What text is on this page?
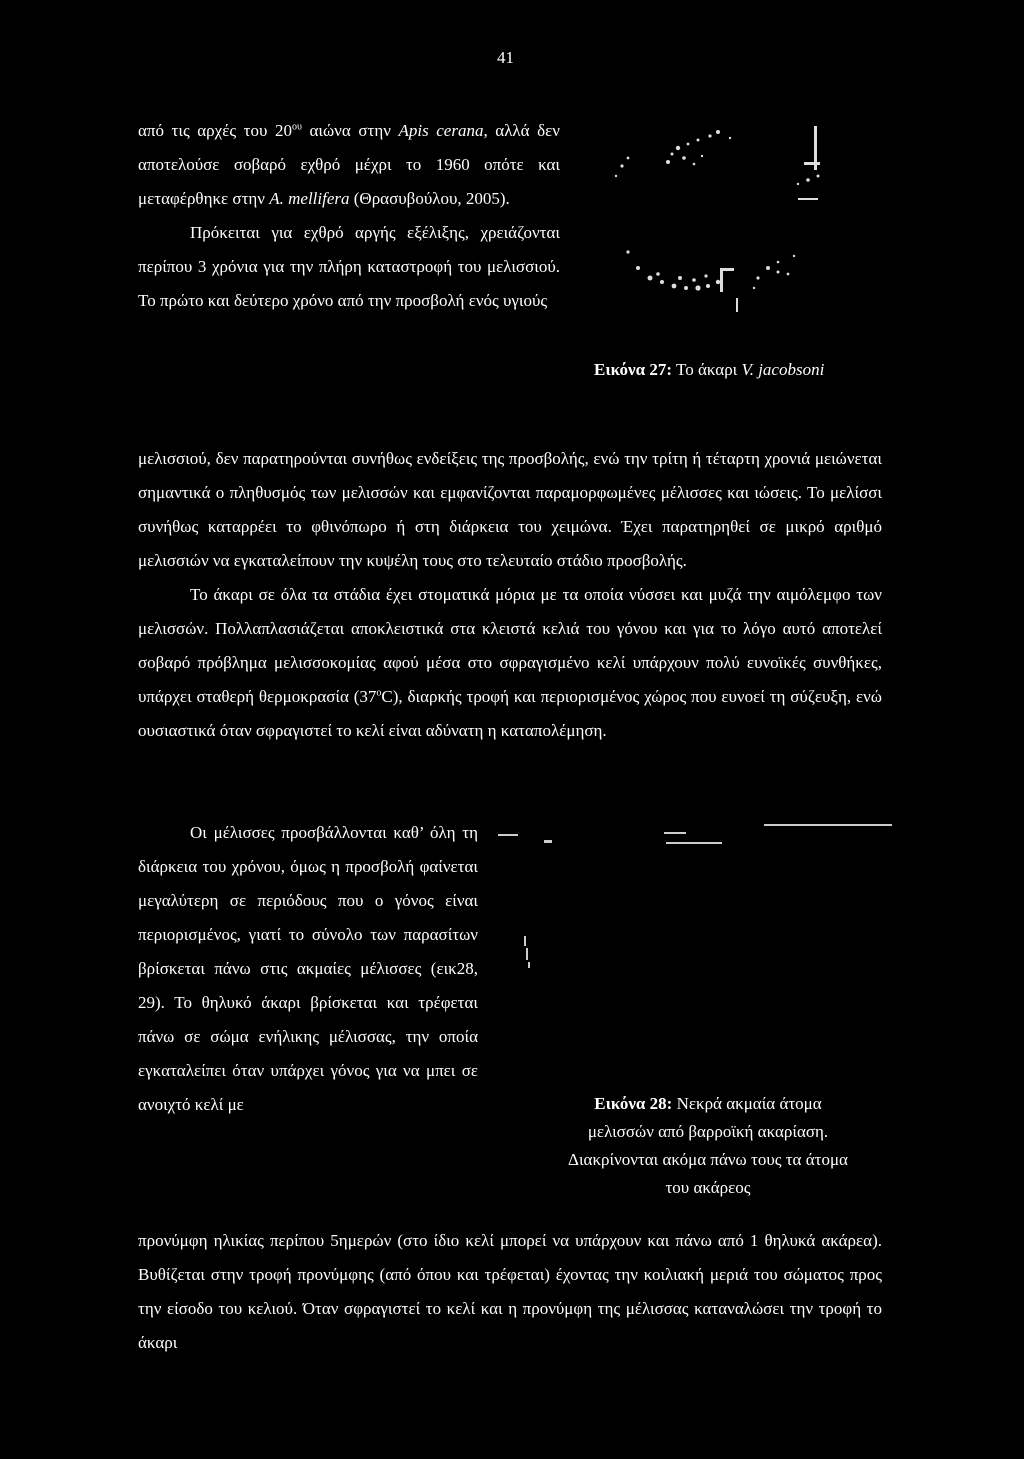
41

από τις αρχές του $20^{o\upsilon}$ αιώνα στην Apis cerana, αλλά δεν αποτελούσε σοβαρό εχθρό μέχρι το 1960 οπότε και μεταφέρθηκε στην A. mellifera (Θρασυβούλου, 2005).

Πρόκειται για εχθρό αργής εξέλιξης, χρειάζονται περίπου 3 χρόνια για την πλήρη καταστροφή του μελισσιού. Το πρώτο και δεύτερο χρόνο από την προσβολή ενός υγιούς

Εικόνα 27: Το άκαρι V. jacobsoni

μελισσιού, δεν παρατηρούνται συνήθως ενδείξεις της προσβολής, ενώ την τρίτη ή τέταρτη χρονιά μειώνεται σημαντικά ο πληθυσμός των μελισσών και εμφανίζονται παραμορφωμένες μέλισσες και ιώσεις. Το μελίσσι συνήθως καταρρέει το φθινόπωρο ή στη διάρκεια του χειμώνα. Έχει παρατηρηθεί σε μικρό αριθμό μελισσιών να εγκαταλείπουν την κυψέλη τους στο τελευταίο στάδιο προσβολής.

Το άκαρι σε όλα τα στάδια έχει στοματικά μόρια με τα οποία νύσσει και μυζά την αιμόλεμφο των μελισσών. Πολλαπλασιάζεται αποκλειστικά στα κλειστά κελιά του γόνου και για το λόγο αυτό αποτελεί σοβαρό πρόβλημα μελισσοκομίας αφού μέσα στο σφραγισμένο κελί υπάρχουν πολύ ευνοϊκές συνθήκες, υπάρχει σταθερή θερμοκρασία (37$^o$C), διαρκής τροφή και περιορισμένος χώρος που ευνοεί τη σύζευξη, ενώ ουσιαστικά όταν σφραγιστεί το κελί είναι αδύνατη η καταπολέμηση.

Οι μέλισσες προσβάλλονται καθ’ όλη τη διάρκεια του χρόνου, όμως η προσβολή φαίνεται μεγαλύτερη σε περιόδους που ο γόνος είναι περιορισμένος, γιατί το σύνολο των παρασίτων βρίσκεται πάνω στις ακμαίες μέλισσες (εικ28, 29). Το θηλυκό άκαρι βρίσκεται και τρέφεται πάνω σε σώμα ενήλικης μέλισσας, την οποία εγκαταλείπει όταν υπάρχει γόνος για να μπει σε ανοιχτό κελί με	Εικόνα 28: Νεκρά ακμαία άτομα
μελισσών από βαρροϊκή ακαρίαση.
Διακρίνονται ακόμα πάνω τους τα άτομα
του ακάρεος

προνύμφη ηλικίας περίπου 5ημερών (στο ίδιο κελί μπορεί να υπάρχουν και πάνω από 1 θηλυκά ακάρεα). Βυθίζεται στην τροφή προνύμφης (από όπου και τρέφεται) έχοντας την κοιλιακή μεριά του σώματος προς την είσοδο του κελιού. Όταν σφραγιστεί το κελί και η προνύμφη της μέλισσας καταναλώσει την τροφή το άκαρι
